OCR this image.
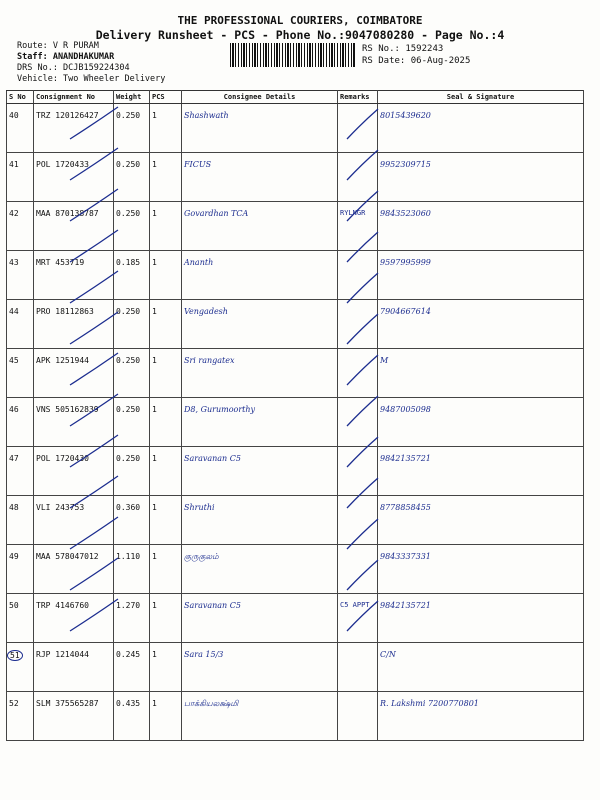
THE PROFESSIONAL COURIERS, COIMBATORE
Delivery Runsheet - PCS - Phone No.:9047080280 - Page No.:4
Route: V R PURAM
Staff: ANANDHAKUMAR
DRS No.: DCJB159224304
Vehicle: Two Wheeler Delivery
RS No.: 1592243
RS Date: 06-Aug-2025
S No	Consignment No	Weight	PCS	Consignee Details	Remarks	Seal & Signature
40	TRZ 120126427	0.250	1	Shashwath		8015439620
41	POL 1720433	0.250	1	FICUS		9952309715
42	MAA 870138787	0.250	1	Govardhan TCA	RYLNGR	9843523060
43	MRT 453719	0.185	1	Ananth		9597995999
44	PRO 18112863	0.250	1	Vengadesh		7904667614
45	APK 1251944	0.250	1	Sri rangatex		M
46	VNS 505162839	0.250	1	D8, Gurumoorthy		9487005098
47	POL 1720430	0.250	1	Saravanan C5		9842135721
48	VLI 243753	0.360	1	Shruthi		8778858455
49	MAA 578047012	1.110	1	குருகுலம்		9843337331
50	TRP 4146760	1.270	1	Saravanan C5	C5 APPT	9842135721
51	RJP 1214044	0.245	1	Sara 15/3		C/N
52	SLM 375565287	0.435	1	பாக்கியலக்ஷ்மி		R. Lakshmi 7200770801
